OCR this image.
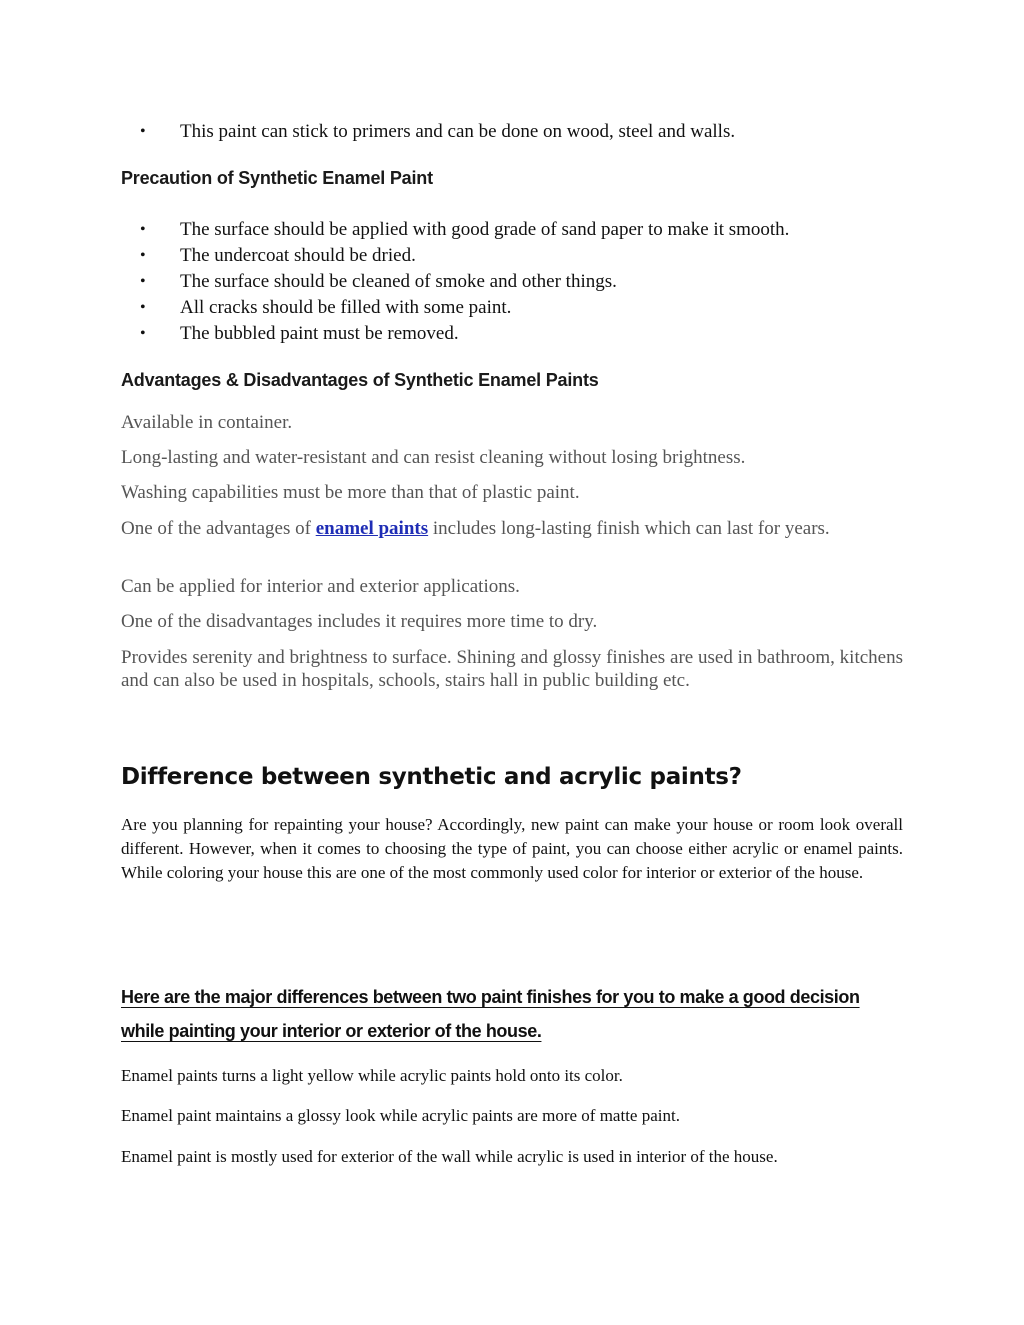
• This paint can stick to primers and can be done on wood, steel and walls.
Precaution of Synthetic Enamel Paint
• The surface should be applied with good grade of sand paper to make it smooth.
• The undercoat should be dried.
• The surface should be cleaned of smoke and other things.
• All cracks should be filled with some paint.
• The bubbled paint must be removed.
Advantages & Disadvantages of Synthetic Enamel Paints

Available in container.

Long-lasting and water-resistant and can resist cleaning without losing brightness.

Washing capabilities must be more than that of plastic paint.

One of the advantages of enamel paints includes long-lasting finish which can last for years.

Can be applied for interior and exterior applications.

One of the disadvantages includes it requires more time to dry.

Provides serenity and brightness to surface. Shining and glossy finishes are used in bathroom, kitchens and can also be used in hospitals, schools, stairs hall in public building etc.

Difference between synthetic and acrylic paints?

Are you planning for repainting your house? Accordingly, new paint can make your house or room look overall different. However, when it comes to choosing the type of paint, you can choose either acrylic or enamel paints. While coloring your house this are one of the most commonly used color for interior or exterior of the house.

Here are the major differences between two paint finishes for you to make a good decision while painting your interior or exterior of the house.

Enamel paints turns a light yellow while acrylic paints hold onto its color.

Enamel paint maintains a glossy look while acrylic paints are more of matte paint.

Enamel paint is mostly used for exterior of the wall while acrylic is used in interior of the house.
